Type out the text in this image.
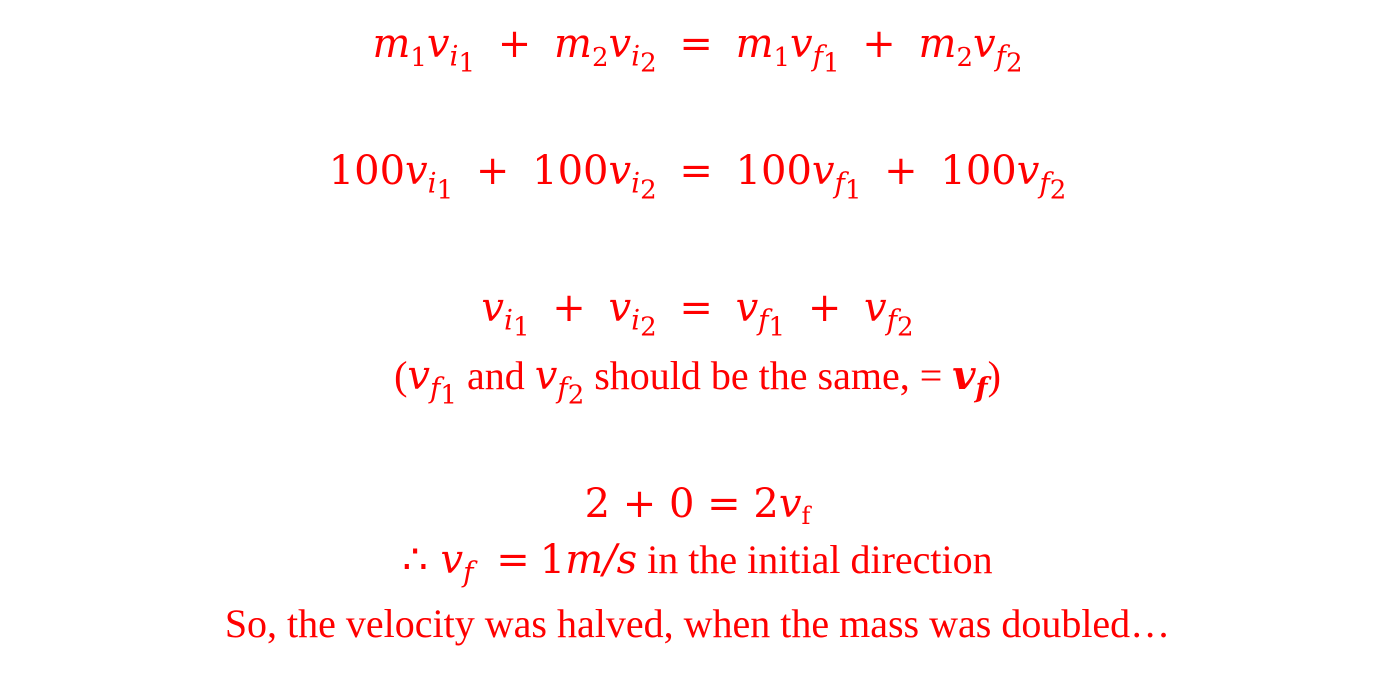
$m_1v_{i1} + m_2v_{i2} = m_1v_{f1} + m_2v_{f2}$
$100v_{i1} + 100v_{i2} = 100v_{f1} + 100v_{f2}$
$v_{i1} + v_{i2} = v_{f1} + v_{f2}$
($v_{f1}$ and $v_{f2}$ should be the same, = $v_f$)
2 + 0 = 2vf
∴ $v_f = 1m/s$ in the initial direction
So, the velocity was halved, when the mass was doubled…
